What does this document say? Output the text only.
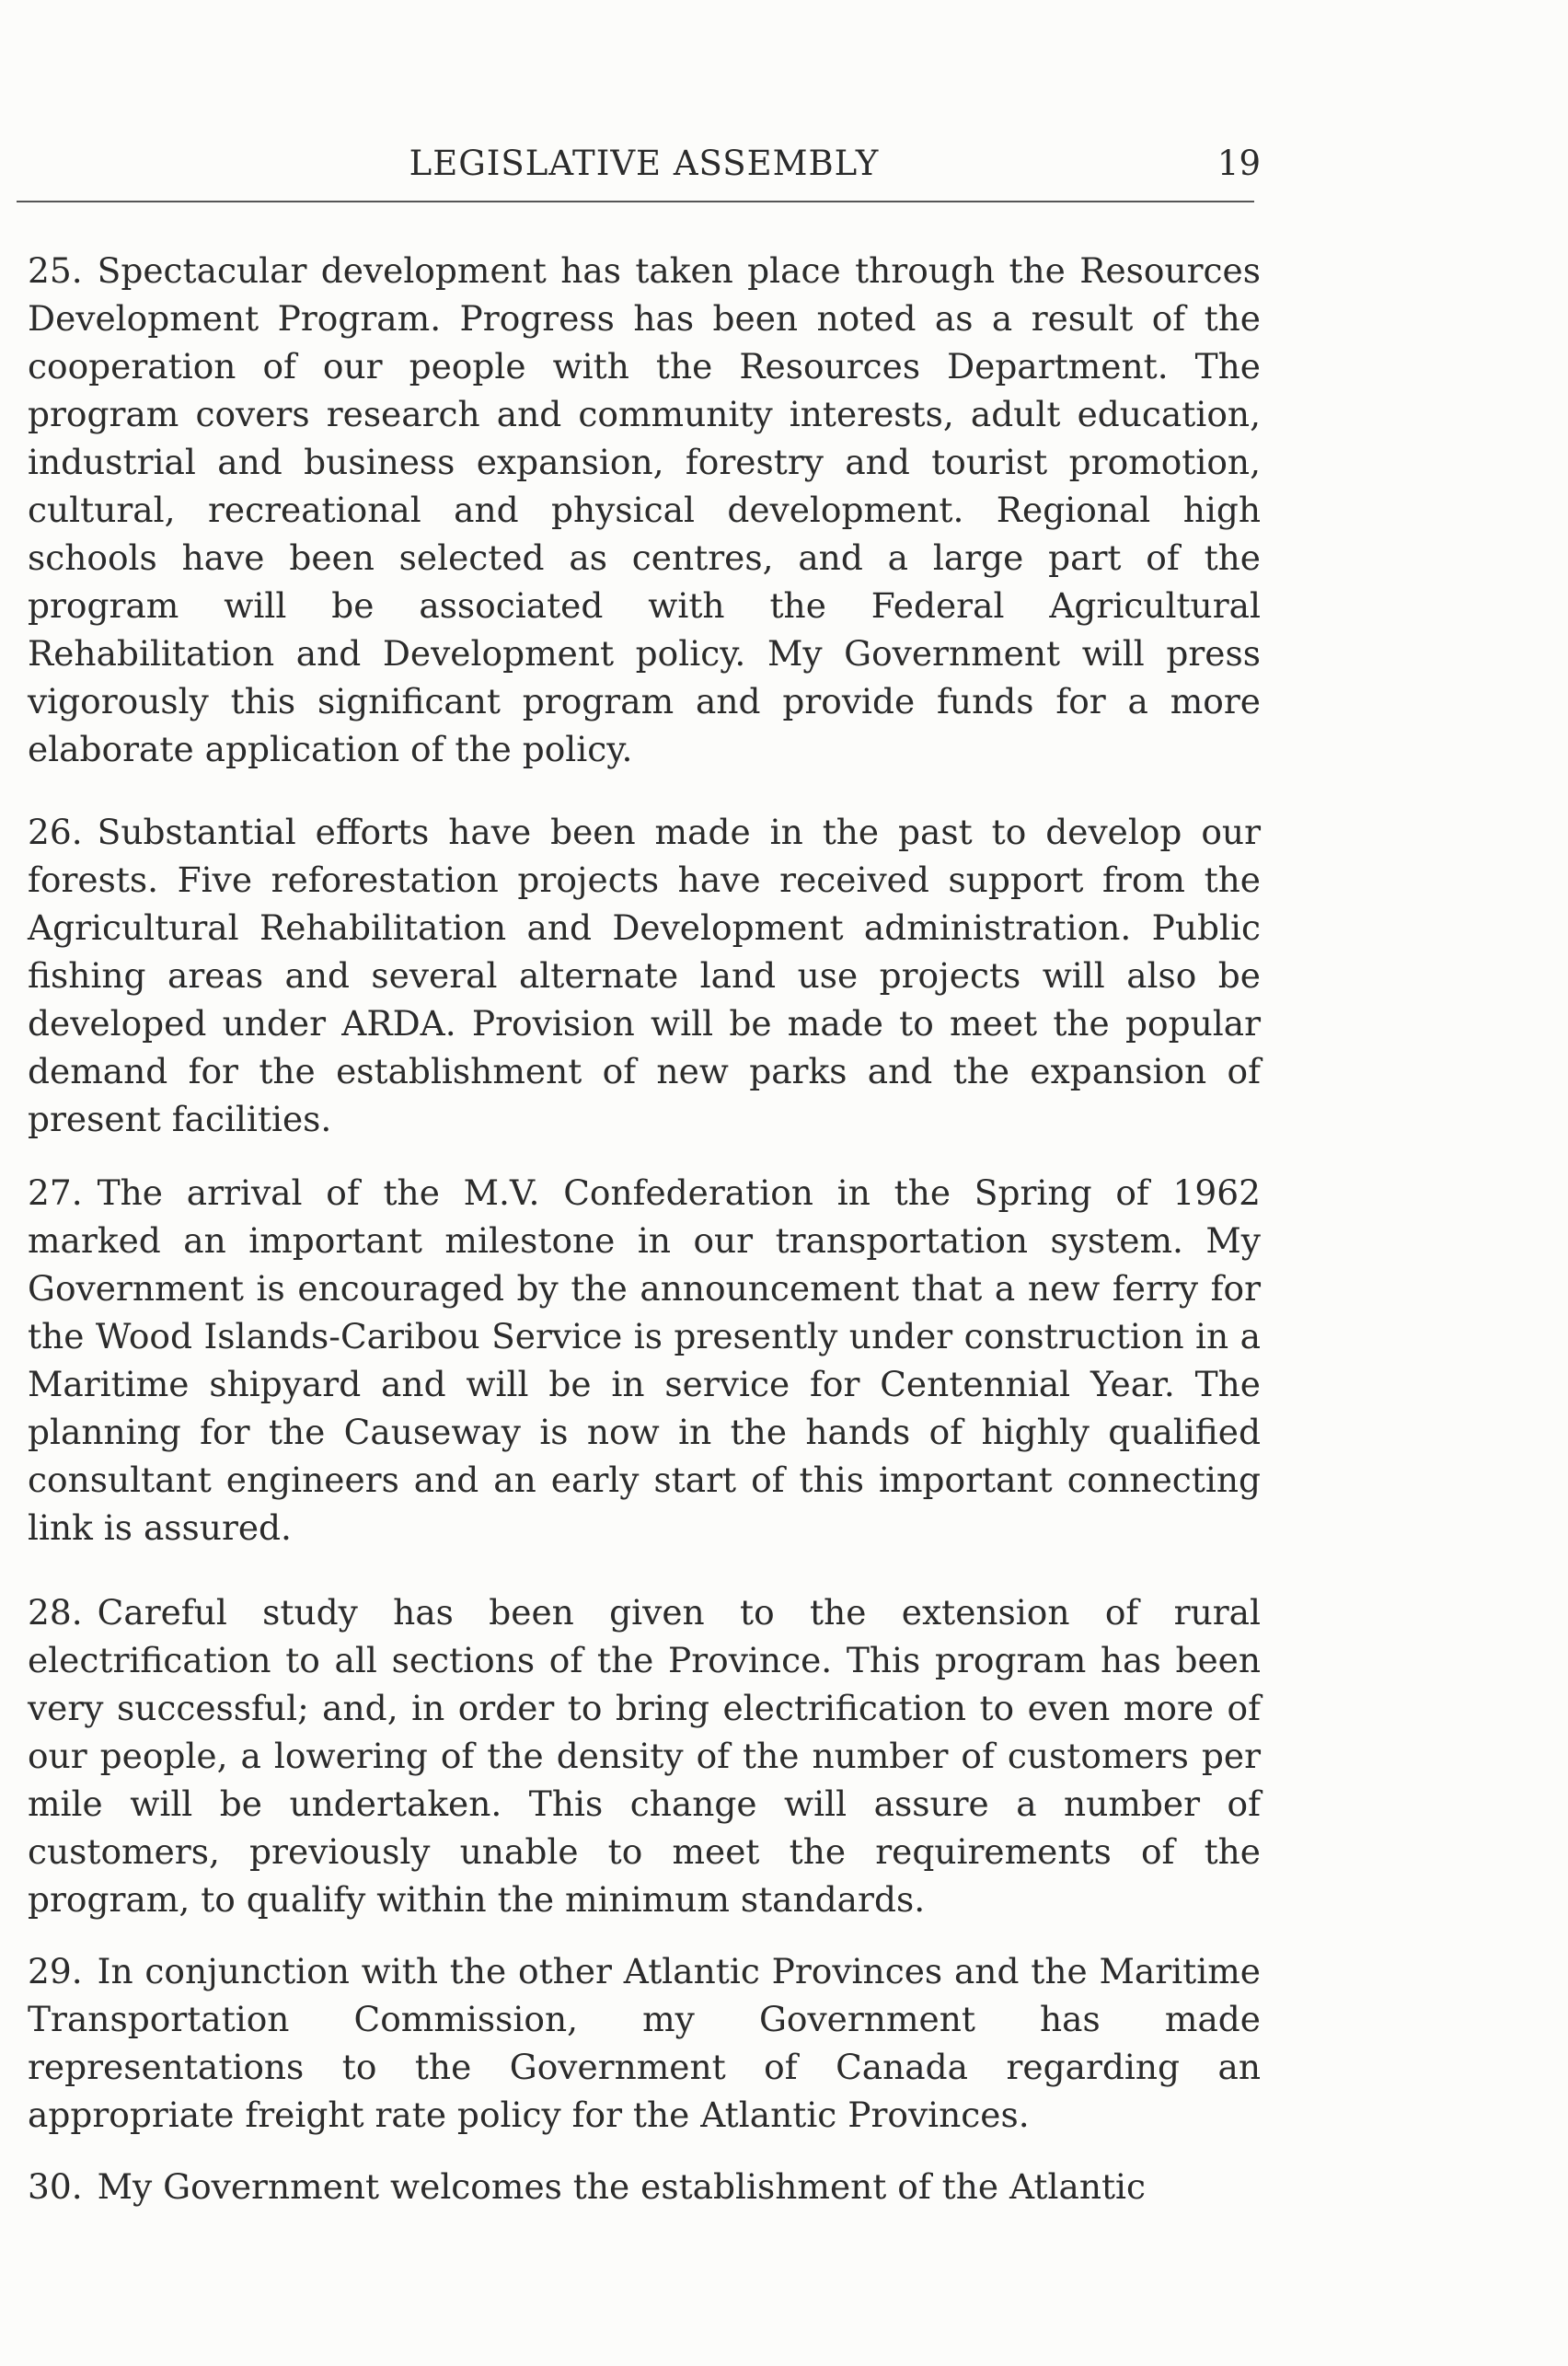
LEGISLATIVE ASSEMBLY	19

25. Spectacular development has taken place through the Resources Development Program. Progress has been noted as a result of the cooperation of our people with the Resources Department. The program covers research and community interests, adult education, industrial and business expansion, forestry and tourist promotion, cultural, recreational and physical development. Regional high schools have been selected as centres, and a large part of the program will be associated with the Federal Agricultural Rehabilitation and Development policy. My Government will press vigorously this significant program and provide funds for a more elaborate application of the policy.

26. Substantial efforts have been made in the past to develop our forests. Five reforestation projects have received support from the Agricultural Rehabilitation and Development administration. Public fishing areas and several alternate land use projects will also be developed under ARDA. Provision will be made to meet the popular demand for the establishment of new parks and the expansion of present facilities.

27. The arrival of the M.V. Confederation in the Spring of 1962 marked an important milestone in our transportation system. My Government is encouraged by the announcement that a new ferry for the Wood Islands-Caribou Service is presently under construction in a Maritime shipyard and will be in service for Centennial Year. The planning for the Causeway is now in the hands of highly qualified consultant engineers and an early start of this important connecting link is assured.

28. Careful study has been given to the extension of rural electrification to all sections of the Province. This program has been very successful; and, in order to bring electrification to even more of our people, a lowering of the density of the number of customers per mile will be undertaken. This change will assure a number of customers, previously unable to meet the requirements of the program, to qualify within the minimum standards.

29. In conjunction with the other Atlantic Provinces and the Maritime Transportation Commission, my Government has made representations to the Government of Canada regarding an appropriate freight rate policy for the Atlantic Provinces.

30. My Government welcomes the establishment of the Atlantic
